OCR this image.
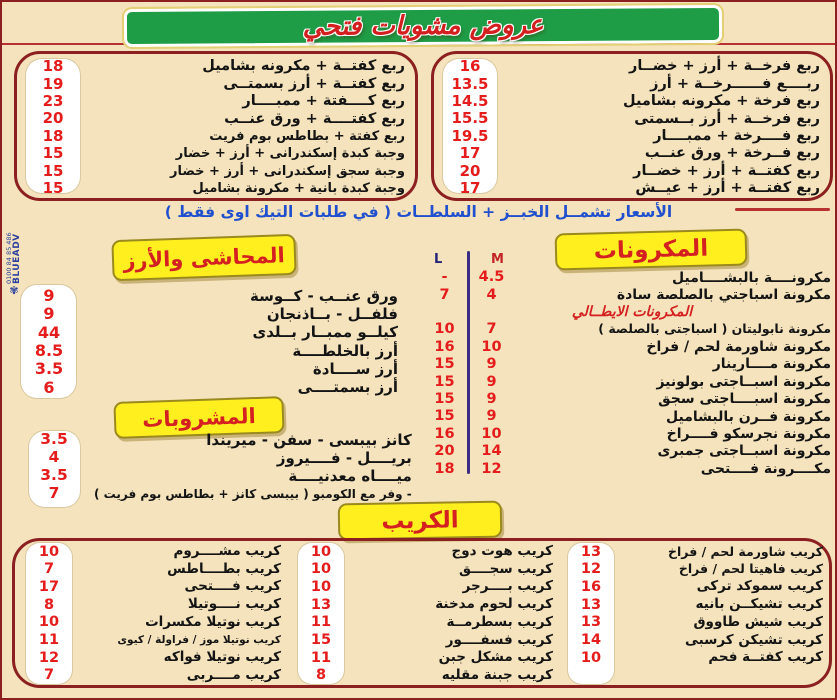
عروض مشويات فتحي
16	ربع فرخــة + أرز + خضــار
13.5	ربــــع فــــــرخــة + أرز
14.5	ربع فرخة + مكرونه بشاميل
15.5	ربع فرخــة + أرز بــسمتى
19.5	ربع فــــرخة + ممبــــار
17	ربع فــرخة + ورق عنــب
20	ربع كفتــة + أرز + خضــار
17	ربع كفتــة + أرز + عيــش
18	ربع كفتــة + مكرونه بشاميل
19	ربع كفتــة + أرز بسمتــى
23	ربع كــــفتة + ممبــــار
20	ربع كفتــــة + ورق عنــب
18	ربع كفتة + بطاطس بوم فريت
15	وجبة كبدة إسكندرانى + أرز + خضار
15	وجبة سجق إسكندرانى + أرز + خضار
15	وجبة كبدة بانية + مكرونة بشاميل
الأسعار تشمــل الخبــز + السلطــات ( في طلبات التيك اوى فقط )
المكرونات
L	M
-	4.5	مكرونــــة بالبشــــاميل
7	4	مكرونة اسباجتي بالصلصة سادة
المكرونات الايطــالي
10	7	مكرونة نابوليتان ( اسباجتى بالصلصة )
16	10	مكرونة شاورمة لحم / فراخ
15	9	مكرونة مــــارينار
15	9	مكرونة اسبــاجتى بولونيز
15	9	مكرونة اسبــــاجتى سجق
15	9	مكرونة فــرن بالبشاميل
16	10	مكرونة نجرسكو فــــراخ
20	14	مكرونة اسبــاجتى جمبرى
18	12	مكــــرونة فــــتحى
المحاشى والأرز
9	ورق عنــب - كــوسة
9	فلفــل - بــاذنجان
44	كيلــو ممبــار بــلدى
8.5	أرز بالخلطــــة
3.5	أرز ســــادة
6	أرز بسمتــــى
المشروبات
3.5	كانز بيبسى - سفن - ميريندا
4	بريــــل - فــــيروز
3.5	ميــــاه معدنيــــة
7	- وفر مع الكومبو ( بيبسى كانز + بطاطس بوم فريت )
الكريب
13	كريب شاورمة لحم / فراخ
12	كريب فاهيتا لحم / فراخ
16	كريب سموكد تركى
13	كريب تشيكــن بانيه
13	كريب شيش طاووق
14	كريب تشيكن كرسبى
10	كريب كفتــة فحم
10	كريب هوت دوج
10	كريب سجــــق
10	كريب بــــرجر
13	كريب لحوم مدخنة
11	كريب بسطرمــة
15	كريب فسفــــور
11	كريب مشكل جبن
8	كريب جبنة مقليه
10	كريب مشــــروم
7	كريب بطــــاطس
17	كريب فــــتحى
8	كريب نــــوتيلا
10	كريب نوتيلا مكسرات
11	كريب نوتيلا موز / فراولة / كيوى
12	كريب نوتيلا فواكه
7	كريب مــــربى
0100 84 85 486 BLUEADV
✾
